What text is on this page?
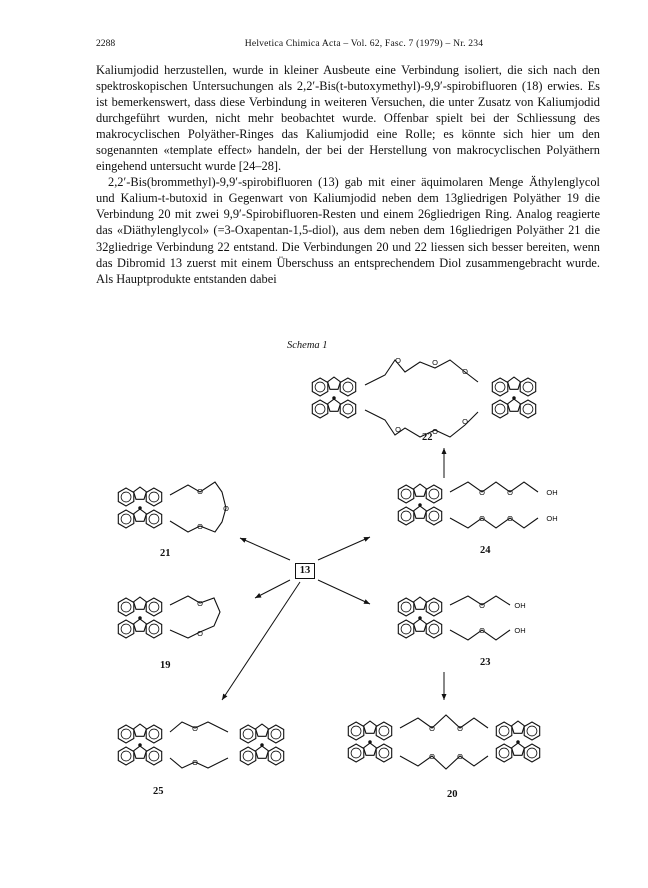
2288	Helvetica Chimica Acta – Vol. 62, Fasc. 7 (1979) – Nr. 234

Kaliumjodid herzustellen, wurde in kleiner Ausbeute eine Verbindung isoliert, die sich nach den spektroskopischen Untersuchungen als 2,2′-Bis(t-butoxymethyl)-9,9′-spirobifluoren (18) erwies. Es ist bemerkenswert, dass diese Verbindung in weiteren Versuchen, die unter Zusatz von Kaliumjodid durchgeführt wurden, nicht mehr beobachtet wurde. Offenbar spielt bei der Schliessung des makrocyclischen Polyäther-Ringes das Kaliumjodid eine Rolle; es könnte sich hier um den sogenannten «template effect» handeln, der bei der Herstellung von makrocyclischen Polyäthern eingehend untersucht wurde [24–28].

2,2′-Bis(brommethyl)-9,9′-spirobifluoren (13) gab mit einer äquimolaren Menge Äthylenglycol und Kalium-t-butoxid in Gegenwart von Kaliumjodid neben dem 13gliedrigen Polyäther 19 die Verbindung 20 mit zwei 9,9′-Spirobifluoren-Resten und einem 26gliedrigen Ring. Analog reagierte das «Diäthylenglycol» (=3-Oxapentan-1,5-diol), aus dem neben dem 16gliedrigen Polyäther 21 die 32gliedrige Verbindung 22 entstand. Die Verbindungen 20 und 22 liessen sich besser bereiten, wenn das Dibromid 13 zuerst mit einem Überschuss an entsprechendem Diol zusammengebracht wurde. Als Hauptprodukte entstanden dabei

Schema 1
O	O
O
O	O
O
O
O
O
O	O	OH
O	O	OH
O
O
O	OH
O	OH
O
O
O	O
O	O
13
22
21	24
19	23
25	20
